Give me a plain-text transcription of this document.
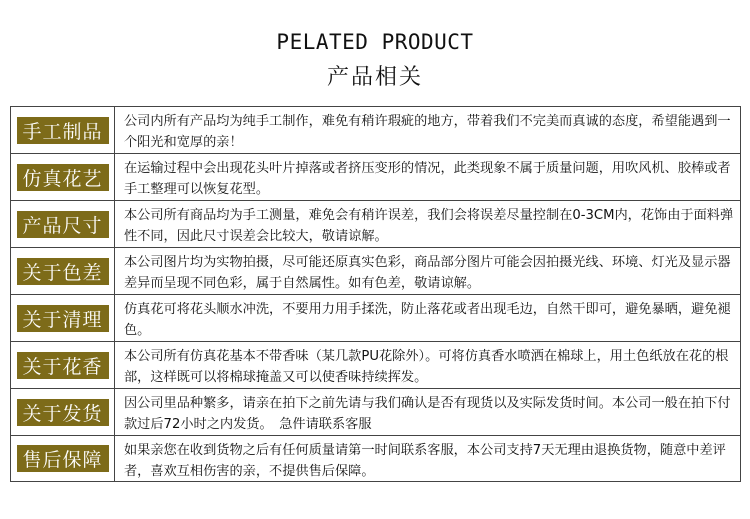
PELATED PRODUCT
产品相关
手工制品	公司内所有产品均为纯手工制作，难免有稍许瑕疵的地方，带着我们不完美而真诚的态度，希望能遇到一个阳光和宽厚的亲！
仿真花艺	在运输过程中会出现花头叶片掉落或者挤压变形的情况，此类现象不属于质量问题，用吹风机、胶棒或者手工整理可以恢复花型。
产品尺寸	本公司所有商品均为手工测量，难免会有稍许误差，我们会将误差尽量控制在0-3CM内，花饰由于面料弹性不同，因此尺寸误差会比较大，敬请谅解。
关于色差	本公司图片均为实物拍摄，尽可能还原真实色彩，商品部分图片可能会因拍摄光线、环境、灯光及显示器差异而呈现不同色彩，属于自然属性。如有色差，敬请谅解。
关于清理	仿真花可将花头顺水冲洗，不要用力用手揉洗，防止落花或者出现毛边，自然干即可，避免暴晒，避免褪色。
关于花香	本公司所有仿真花基本不带香味（某几款PU花除外）。可将仿真香水喷洒在棉球上，用土色纸放在花的根部，这样既可以将棉球掩盖又可以使香味持续挥发。
关于发货	因公司里品种繁多，请亲在拍下之前先请与我们确认是否有现货以及实际发货时间。本公司一般在拍下付款过后72小时之内发货。　急件请联系客服
售后保障	如果亲您在收到货物之后有任何质量请第一时间联系客服，本公司支持7天无理由退换货物，随意中差评者，喜欢互相伤害的亲，不提供售后保障。
